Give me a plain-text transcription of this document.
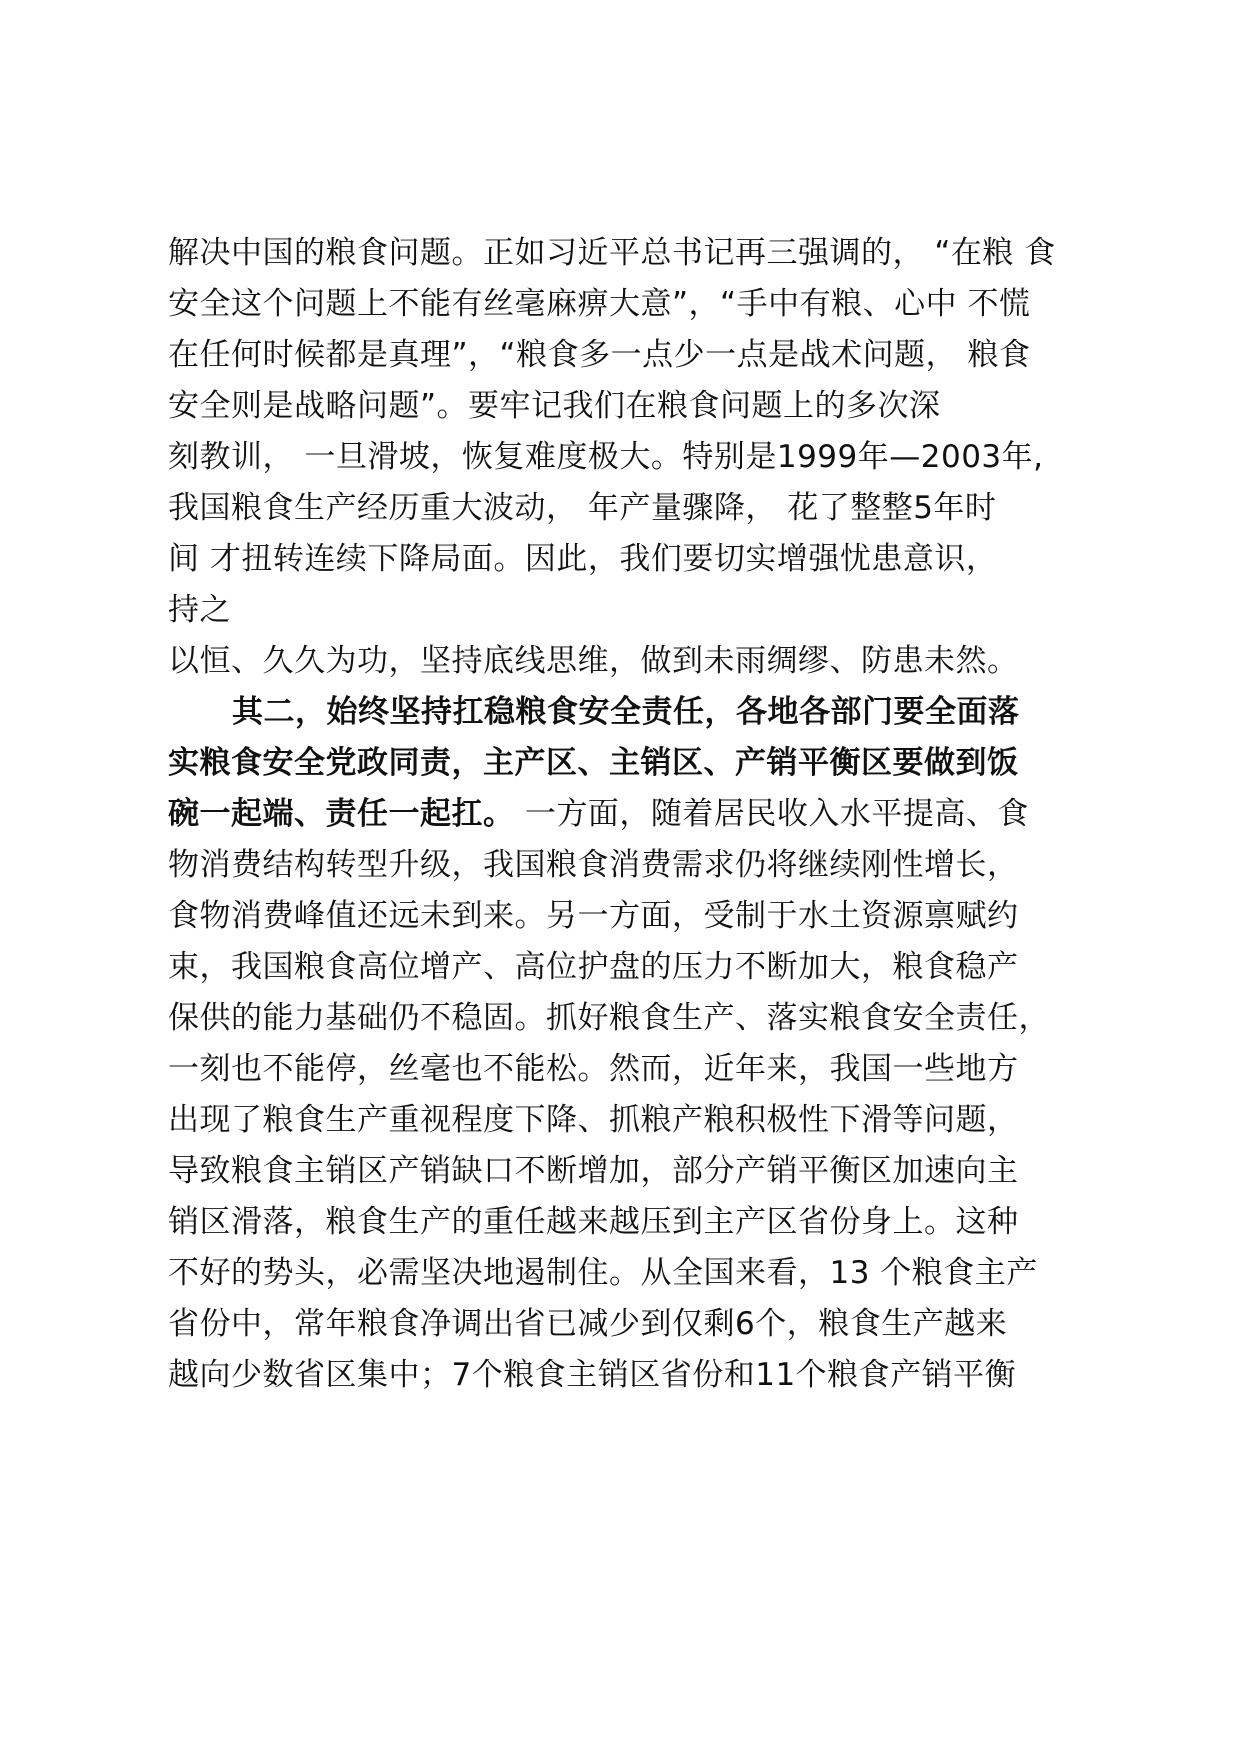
解决中国的粮食问题。正如习近平总书记再三强调的， “在粮 食
安全这个问题上不能有丝毫麻痹大意”，“手中有粮、心中 不慌
在任何时候都是真理”，“粮食多一点少一点是战术问题， 粮食
安全则是战略问题”。要牢记我们在粮食问题上的多次深
刻教训， 一旦滑坡，恢复难度极大。特别是1999年—2003年,
我国粮食生产经历重大波动， 年产量骤降， 花了整整5年时
间 才扭转连续下降局面。因此，我们要切实增强忧患意识，
持之
以恒、久久为功，坚持底线思维，做到未雨绸缪、防患未然。
其二，始终坚持扛稳粮食安全责任，各地各部门要全面落
实粮食安全党政同责，主产区、主销区、产销平衡区要做到饭
碗一起端、责任一起扛。 一方面，随着居民收入水平提高、食
物消费结构转型升级，我国粮食消费需求仍将继续刚性增长，
食物消费峰值还远未到来。另一方面，受制于水土资源禀赋约
束，我国粮食高位增产、高位护盘的压力不断加大，粮食稳产
保供的能力基础仍不稳固。抓好粮食生产、落实粮食安全责任，
一刻也不能停，丝毫也不能松。然而，近年来，我国一些地方
出现了粮食生产重视程度下降、抓粮产粮积极性下滑等问题，
导致粮食主销区产销缺口不断增加，部分产销平衡区加速向主
销区滑落，粮食生产的重任越来越压到主产区省份身上。这种
不好的势头，必需坚决地遏制住。从全国来看，13 个粮食主产
省份中，常年粮食净调出省已减少到仅剩6个，粮食生产越来
越向少数省区集中；7个粮食主销区省份和11个粮食产销平衡
